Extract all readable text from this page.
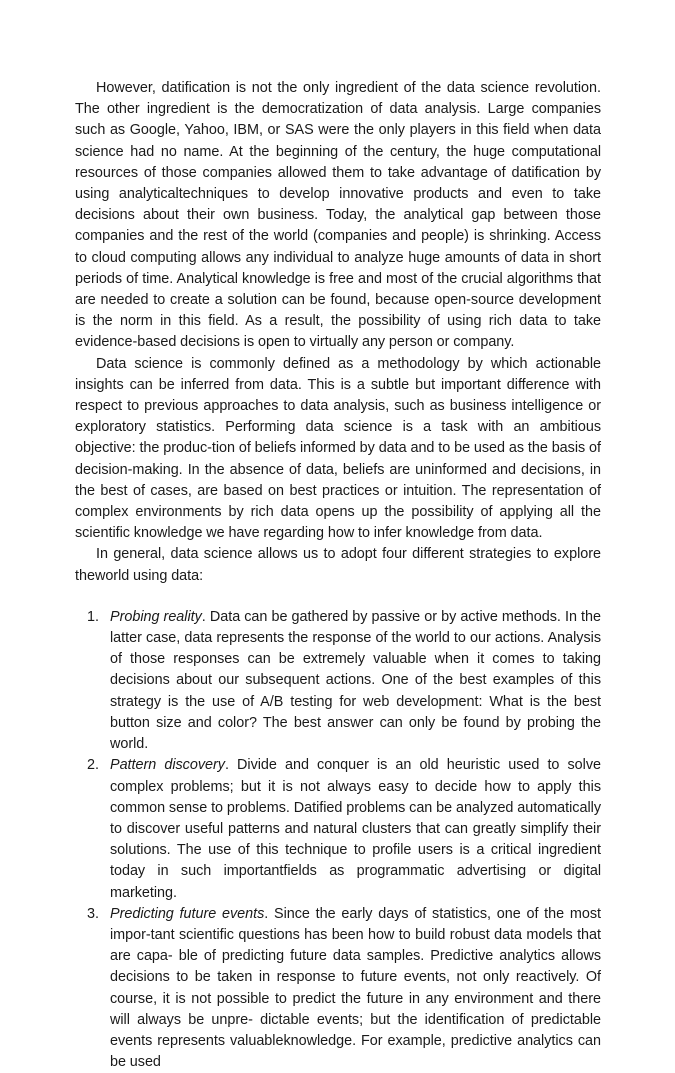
However, datification is not the only ingredient of the data science revolution. The other ingredient is the democratization of data analysis. Large companies such as Google, Yahoo, IBM, or SAS were the only players in this field when data science had no name. At the beginning of the century, the huge computational resources of those companies allowed them to take advantage of datification by using analyticaltechniques to develop innovative products and even to take decisions about their own business. Today, the analytical gap between those companies and the rest of the world (companies and people) is shrinking. Access to cloud computing allows any individual to analyze huge amounts of data in short periods of time. Analytical knowledge is free and most of the crucial algorithms that are needed to create a solution can be found, because open-source development is the norm in this field. As a result, the possibility of using rich data to take evidence-based decisions is open to virtually any person or company.

Data science is commonly defined as a methodology by which actionable insights can be inferred from data. This is a subtle but important difference with respect to previous approaches to data analysis, such as business intelligence or exploratory statistics. Performing data science is a task with an ambitious objective: the produc-tion of beliefs informed by data and to be used as the basis of decision-making. In the absence of data, beliefs are uninformed and decisions, in the best of cases, are based on best practices or intuition. The representation of complex environments by rich data opens up the possibility of applying all the scientific knowledge we have regarding how to infer knowledge from data.

In general, data science allows us to adopt four different strategies to explore theworld using data:

1. Probing reality. Data can be gathered by passive or by active methods. In the latter case, data represents the response of the world to our actions. Analysis of those responses can be extremely valuable when it comes to taking decisions about our subsequent actions. One of the best examples of this strategy is the use of A/B testing for web development: What is the best button size and color? The best answer can only be found by probing the world.
2. Pattern discovery. Divide and conquer is an old heuristic used to solve complex problems; but it is not always easy to decide how to apply this common sense to problems. Datified problems can be analyzed automatically to discover useful patterns and natural clusters that can greatly simplify their solutions. The use of this technique to profile users is a critical ingredient today in such importantfields as programmatic advertising or digital marketing.
3. Predicting future events. Since the early days of statistics, one of the most impor-tant scientific questions has been how to build robust data models that are capa- ble of predicting future data samples. Predictive analytics allows decisions to be taken in response to future events, not only reactively. Of course, it is not possible to predict the future in any environment and there will always be unpre- dictable events; but the identification of predictable events represents valuableknowledge. For example, predictive analytics can be used
